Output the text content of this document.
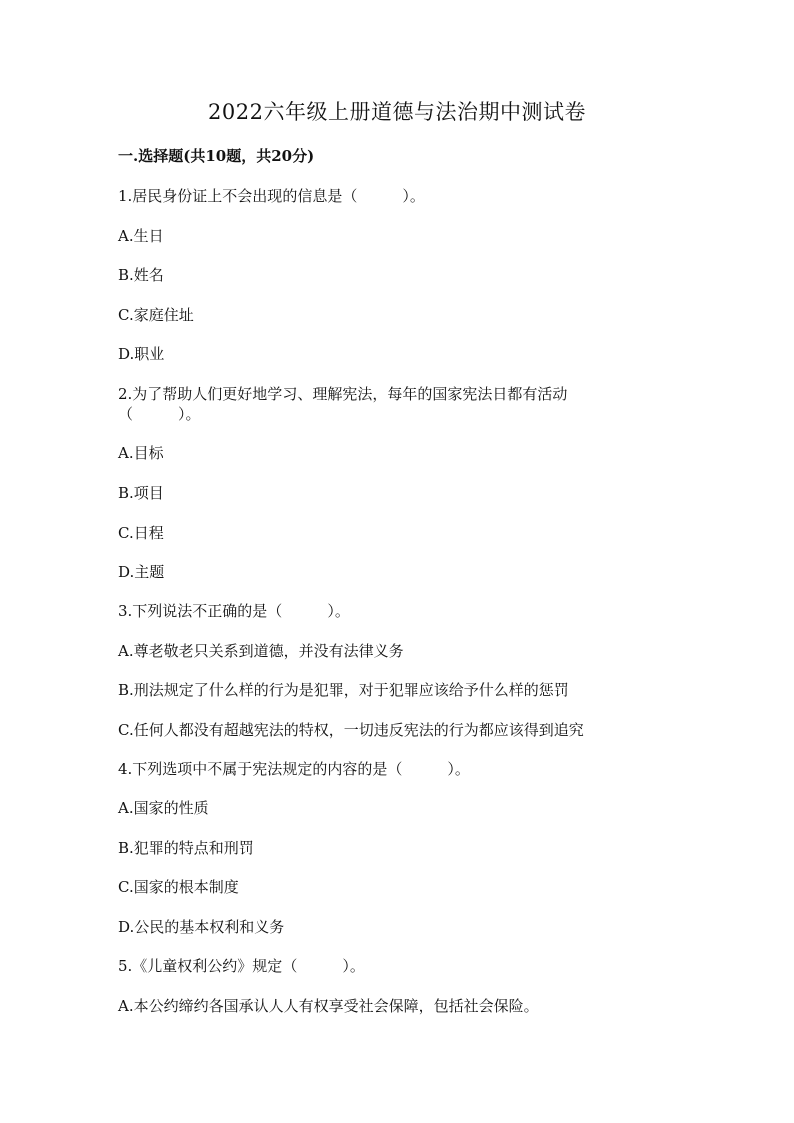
2022六年级上册道德与法治期中测试卷
一.选择题(共10题，共20分)
1.居民身份证上不会出现的信息是（　　　）。
A.生日
B.姓名
C.家庭住址
D.职业
2.为了帮助人们更好地学习、理解宪法，每年的国家宪法日都有活动
（　　　）。
A.目标
B.项目
C.日程
D.主题
3.下列说法不正确的是（　　　）。
A.尊老敬老只关系到道德，并没有法律义务
B.刑法规定了什么样的行为是犯罪，对于犯罪应该给予什么样的惩罚
C.任何人都没有超越宪法的特权，一切违反宪法的行为都应该得到追究
4.下列选项中不属于宪法规定的内容的是（　　　）。
A.国家的性质
B.犯罪的特点和刑罚
C.国家的根本制度
D.公民的基本权利和义务
5.《儿童权利公约》规定（　　　）。
A.本公约缔约各国承认人人有权享受社会保障，包括社会保险。
